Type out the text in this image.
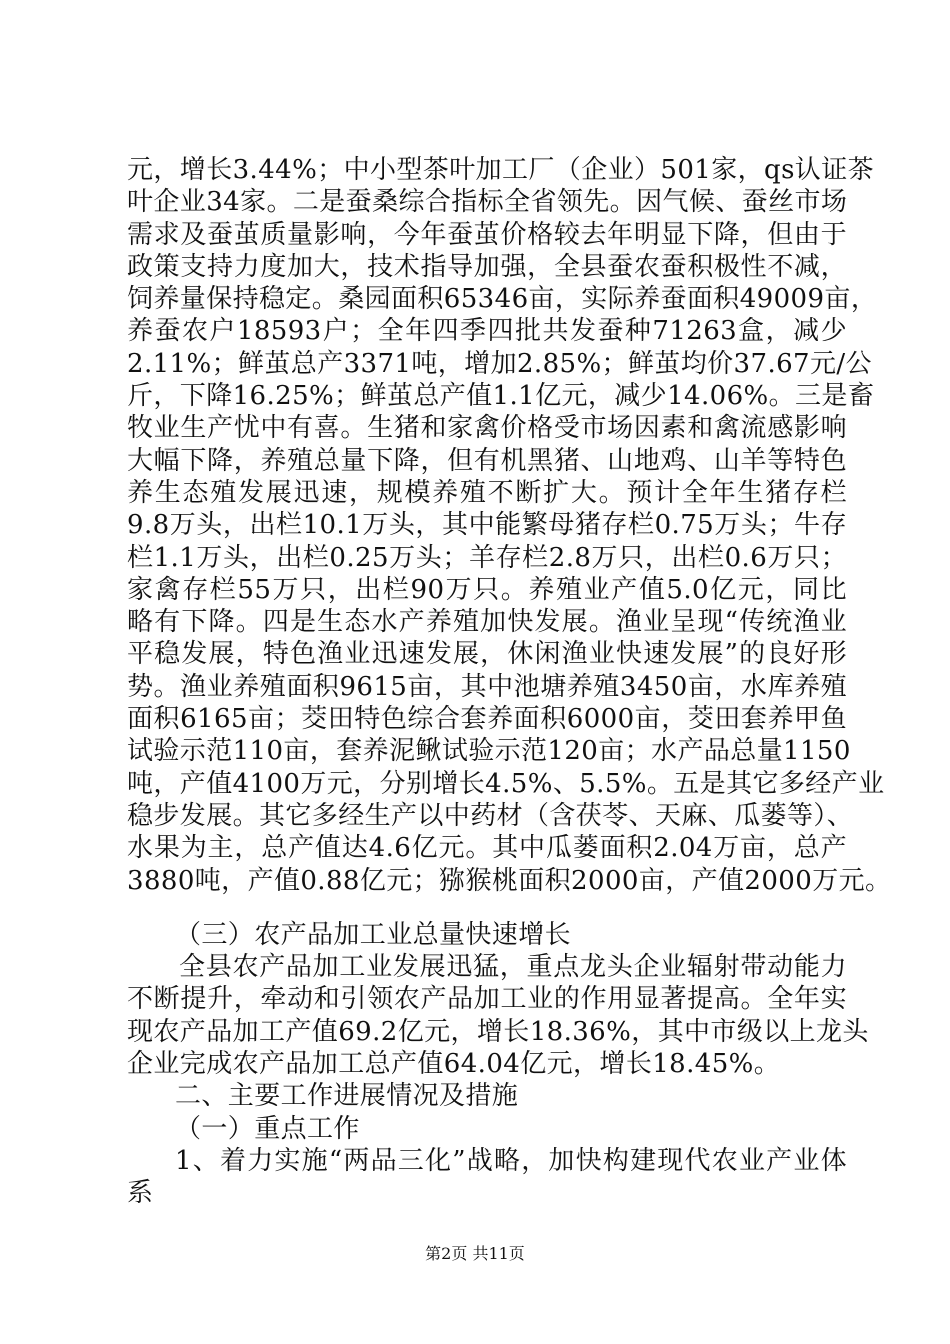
元，增长3.44%；中小型茶叶加工厂（企业）501家，qs认证茶
叶企业34家。二是蚕桑综合指标全省领先。因气候、蚕丝市场
需求及蚕茧质量影响，今年蚕茧价格较去年明显下降，但由于
政策支持力度加大，技术指导加强，全县蚕农蚕积极性不减，
饲养量保持稳定。桑园面积65346亩，实际养蚕面积49009亩，
养蚕农户18593户；全年四季四批共发蚕种71263盒，减少
2.11%；鲜茧总产3371吨，增加2.85%；鲜茧均价37.67元/公
斤，下降16.25%；鲜茧总产值1.1亿元，减少14.06%。三是畜
牧业生产忧中有喜。生猪和家禽价格受市场因素和禽流感影响
大幅下降，养殖总量下降，但有机黑猪、山地鸡、山羊等特色
养生态殖发展迅速，规模养殖不断扩大。预计全年生猪存栏
9.8万头，出栏10.1万头，其中能繁母猪存栏0.75万头；牛存
栏1.1万头，出栏0.25万头；羊存栏2.8万只，出栏0.6万只；
家禽存栏55万只，出栏90万只。养殖业产值5.0亿元，同比
略有下降。四是生态水产养殖加快发展。渔业呈现“传统渔业
平稳发展，特色渔业迅速发展，休闲渔业快速发展”的良好形
势。渔业养殖面积9615亩，其中池塘养殖3450亩，水库养殖
面积6165亩；茭田特色综合套养面积6000亩，茭田套养甲鱼
试验示范110亩，套养泥鳅试验示范120亩；水产品总量1150
吨，产值4100万元，分别增长4.5%、5.5%。五是其它多经产业
稳步发展。其它多经生产以中药材（含茯苓、天麻、瓜蒌等）、
水果为主，总产值达4.6亿元。其中瓜蒌面积2.04万亩，总产
3880吨，产值0.88亿元；猕猴桃面积2000亩，产值2000万元。
（三）农产品加工业总量快速增长
全县农产品加工业发展迅猛，重点龙头企业辐射带动能力
不断提升，牵动和引领农产品加工业的作用显著提高。全年实
现农产品加工产值69.2亿元，增长18.36%，其中市级以上龙头
企业完成农产品加工总产值64.04亿元，增长18.45%。
二、主要工作进展情况及措施
（一）重点工作
1、着力实施“两品三化”战略，加快构建现代农业产业体
系
第2页 共11页
